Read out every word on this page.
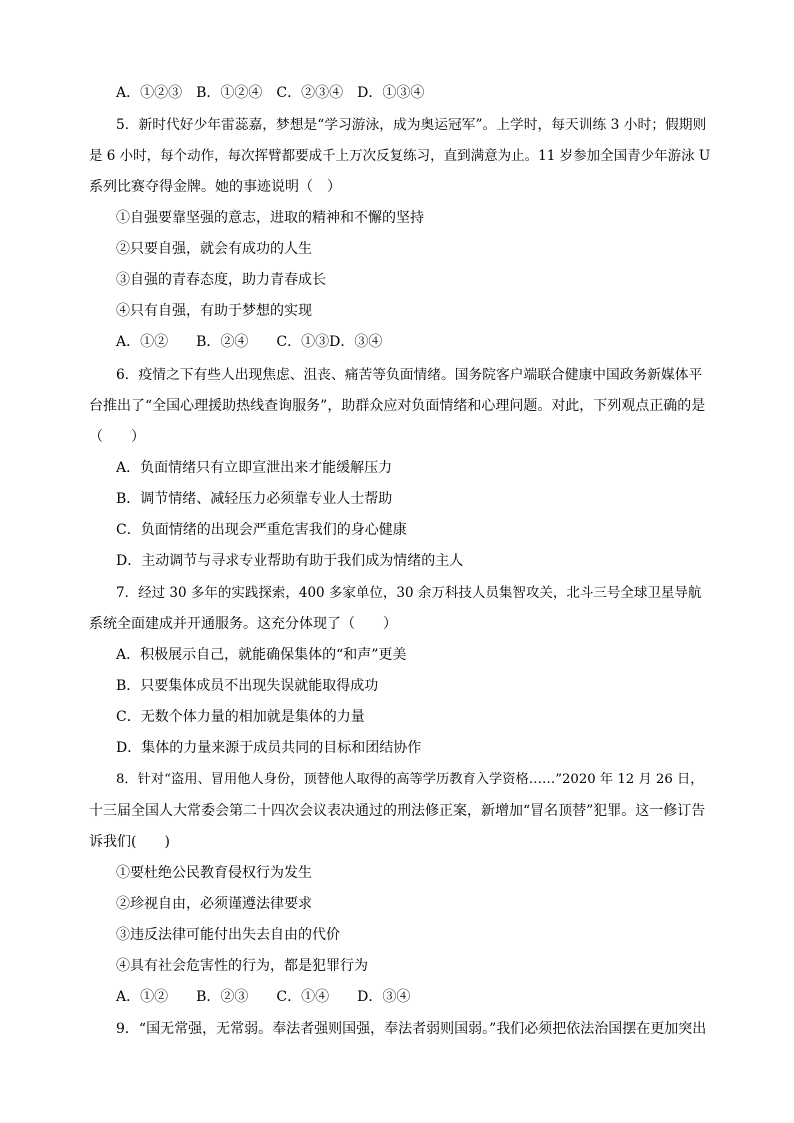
A．①②③　B．①②④　C．②③④　D．①③④
5．新时代好少年雷蕊嘉，梦想是“学习游泳，成为奥运冠军”。上学时，每天训练 3 小时；假期则
是 6 小时，每个动作，每次挥臂都要成千上万次反复练习，直到满意为止。11 岁参加全国青少年游泳 U
系列比赛夺得金牌。她的事迹说明（　）
①自强要靠坚强的意志，进取的精神和不懈的坚持
②只要自强，就会有成功的人生
③自强的青春态度，助力青春成长
④只有自强，有助于梦想的实现
A．①②　　B．②④　　C．①③D．③④
6．疫情之下有些人出现焦虑、沮丧、痛苦等负面情绪。国务院客户端联合健康中国政务新媒体平
台推出了“全国心理援助热线查询服务”，助群众应对负面情绪和心理问题。对此，下列观点正确的是
（　　）
A．负面情绪只有立即宣泄出来才能缓解压力
B．调节情绪、减轻压力必须靠专业人士帮助
C．负面情绪的出现会严重危害我们的身心健康
D．主动调节与寻求专业帮助有助于我们成为情绪的主人
7．经过 30 多年的实践探索，400 多家单位，30 余万科技人员集智攻关，北斗三号全球卫星导航
系统全面建成并开通服务。这充分体现了（　　）
A．积极展示自己，就能确保集体的“和声”更美
B．只要集体成员不出现失误就能取得成功
C．无数个体力量的相加就是集体的力量
D．集体的力量来源于成员共同的目标和团结协作
8．针对“盗用、冒用他人身份，顶替他人取得的高等学历教育入学资格……”2020 年 12 月 26 日，
十三届全国人大常委会第二十四次会议表决通过的刑法修正案，新增加“冒名顶替”犯罪。这一修订告
诉我们(　　)
①要杜绝公民教育侵权行为发生
②珍视自由，必须谨遵法律要求
③违反法律可能付出失去自由的代价
④具有社会危害性的行为，都是犯罪行为
A．①②　　B．②③　　C．①④　　D．③④
9．“国无常强，无常弱。奉法者强则国强，奉法者弱则国弱。”我们必须把依法治国摆在更加突出
